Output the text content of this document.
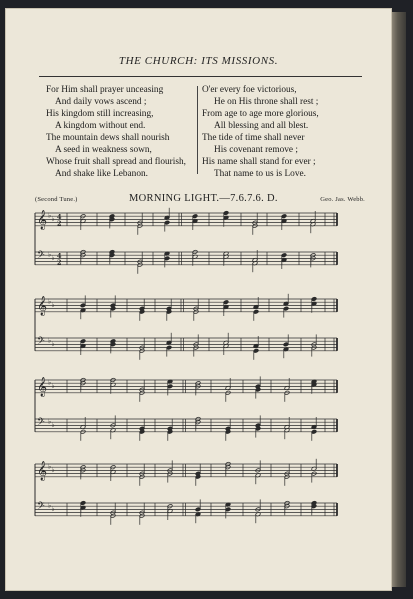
THE CHURCH: ITS MISSIONS.
For Him shall prayer unceasing
And daily vows ascend ;
His kingdom still increasing,
A kingdom without end.
The mountain dews shall nourish
A seed in weakness sown,
Whose fruit shall spread and flourish,
And shake like Lebanon.
O'er every foe victorious,
He on His throne shall rest ;
From age to age more glorious,
All blessing and all blest.
The tide of time shall never
His covenant remove ;
His name shall stand for ever ;
That name to us is Love.
(Second Tune.)	MORNING LIGHT.—7.6.7.6. D.	Geo. Jas. Webb.
𝄞 ♭ ♭ 4
2
𝄢 ♭ ♭ 4
2
𝄞 ♭ ♭
𝄢 ♭ ♭
𝄞 ♭ ♭
𝄢 ♭ ♭
𝄞 ♭ ♭
𝄢 ♭ ♭
